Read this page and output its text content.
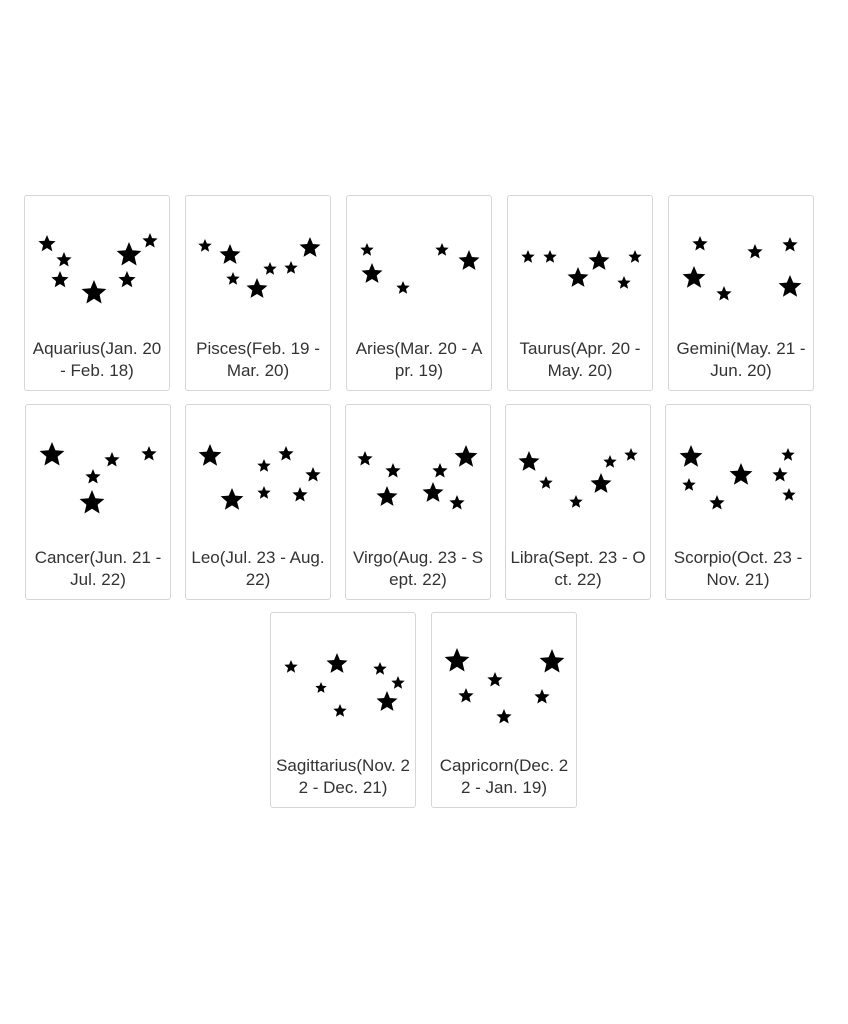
Aquarius(Jan. 20 - Feb. 18)
Pisces(Feb. 19 - Mar. 20)
Aries(Mar. 20 - Apr. 19)
Taurus(Apr. 20 - May. 20)
Gemini(May. 21 - Jun. 20)
Cancer(Jun. 21 - Jul. 22)
Leo(Jul. 23 - Aug. 22)
Virgo(Aug. 23 - Sept. 22)
Libra(Sept. 23 - Oct. 22)
Scorpio(Oct. 23 - Nov. 21)
Sagittarius(Nov. 22 - Dec. 21)
Capricorn(Dec. 22 - Jan. 19)
